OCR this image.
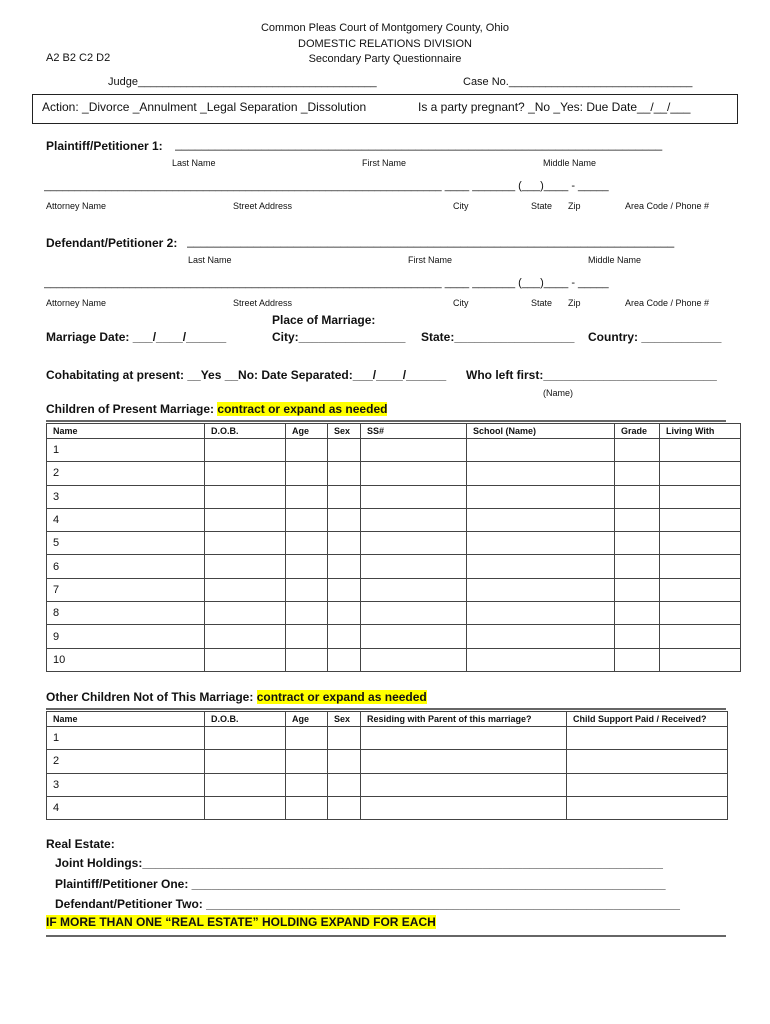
Common Pleas Court of Montgomery County, Ohio
DOMESTIC RELATIONS DIVISION
Secondary Party Questionnaire
A2 B2 C2 D2
Judge_______________________________________	Case No.______________________________
Action: _Divorce _Annulment _Legal Separation _Dissolution	Is a party pregnant? _No _Yes: Due Date__/__/___
Plaintiff/Petitioner 1: _________________________________________________________________________
Last Name	First Name	Middle Name
_________________________________________________________________ ____ _______ (___)____ - _____
Attorney Name	Street Address	City	State Zip	Area Code / Phone #
Defendant/Petitioner 2: _________________________________________________________________________
Last Name	First Name	Middle Name
_________________________________________________________________ ____ _______ (___)____ - _____
Attorney Name	Street Address	City	State Zip	Area Code / Phone #
Place of Marriage:
Marriage Date: ___/____/______	City:________________ State:__________________ Country: ____________
Cohabitating at present: __Yes __No: Date Separated:___/____/______ Who left first:__________________________
(Name)
Children of Present Marriage: contract or expand as needed
Name	D.O.B.	Age	Sex	SS#	School (Name)	Grade	Living With
1							
2							
3							
4							
5							
6							
7							
8							
9							
10							
Other Children Not of This Marriage: contract or expand as needed
Name	D.O.B.	Age	Sex	Residing with Parent of this marriage?	Child Support Paid / Received?
1					
2					
3					
4					
Real Estate:
Joint Holdings:______________________________________________________________________________
Plaintiff/Petitioner One: _______________________________________________________________________
Defendant/Petitioner Two: _______________________________________________________________________
IF MORE THAN ONE “REAL ESTATE” HOLDING EXPAND FOR EACH
